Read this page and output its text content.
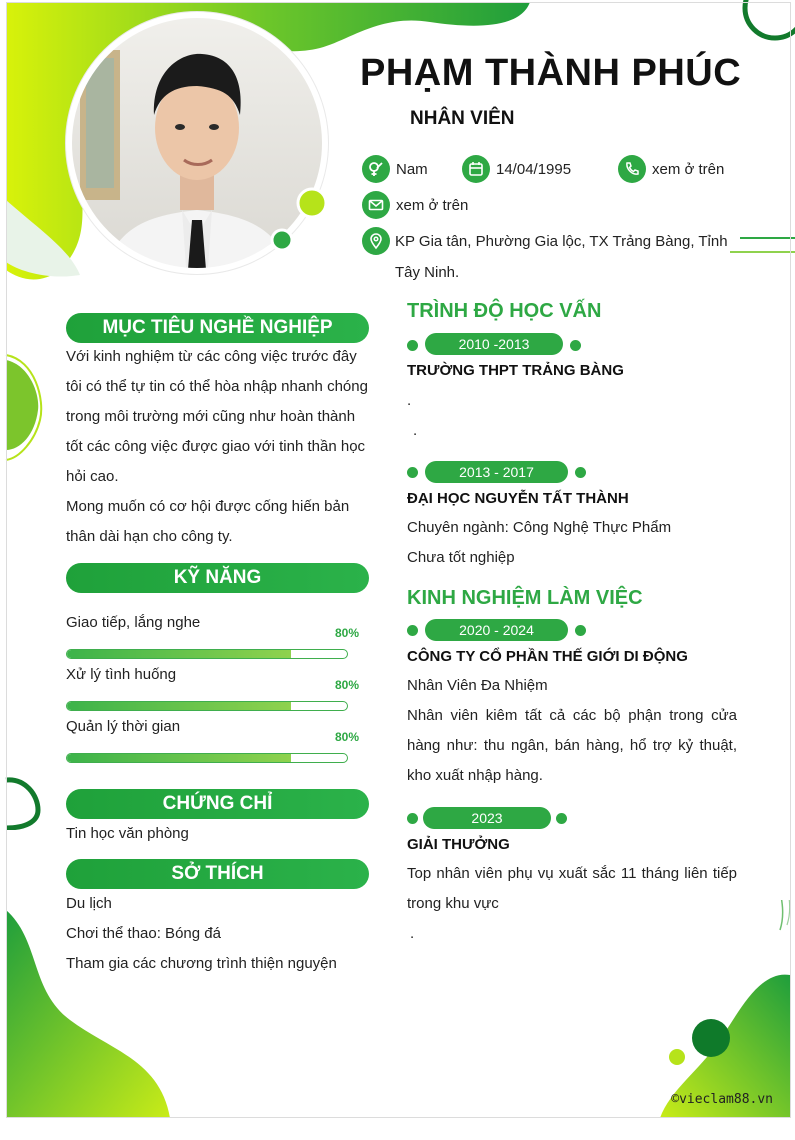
PHẠM THÀNH PHÚC
NHÂN VIÊN
Nam	14/04/1995	xem ở trên
xem ở trên
KP Gia tân, Phường Gia lộc, TX Trảng Bàng, Tỉnh Tây Ninh.
MỤC TIÊU NGHỀ NGHIỆP
Với kinh nghiệm từ các công việc trước đây
tôi có thể tự tin có thể hòa nhập nhanh chóng
trong môi trường mới cũng như hoàn thành
tốt các công việc được giao với tinh thần học
hỏi cao.
Mong muốn có cơ hội được cống hiến bản
thân dài hạn cho công ty.
KỸ NĂNG
Giao tiếp, lắng nghe
80%
Xử lý tình huống
80%
Quản lý thời gian
80%
CHỨNG CHỈ
Tin học văn phòng
SỞ THÍCH
Du lịch
Chơi thể thao: Bóng đá
Tham gia các chương trình thiện nguyện
TRÌNH ĐỘ HỌC VẤN
2010 -2013
TRƯỜNG THPT TRẢNG BÀNG
.
.
2013 - 2017
ĐẠI HỌC NGUYỄN TẤT THÀNH
Chuyên ngành: Công Nghệ Thực Phẩm
Chưa tốt nghiệp
KINH NGHIỆM LÀM VIỆC
2020 - 2024
CÔNG TY CỔ PHẦN THẾ GIỚI DI ĐỘNG
Nhân Viên Đa Nhiệm
Nhân viên kiêm tất cả các bộ phận trong cửa
hàng như: thu ngân, bán hàng, hổ trợ kỷ thuật,
kho xuất nhập hàng.
2023
GIẢI THƯỞNG
Top nhân viên phụ vụ xuất sắc 11 tháng liên tiếp
trong khu vực
.
©vieclam88.vn
